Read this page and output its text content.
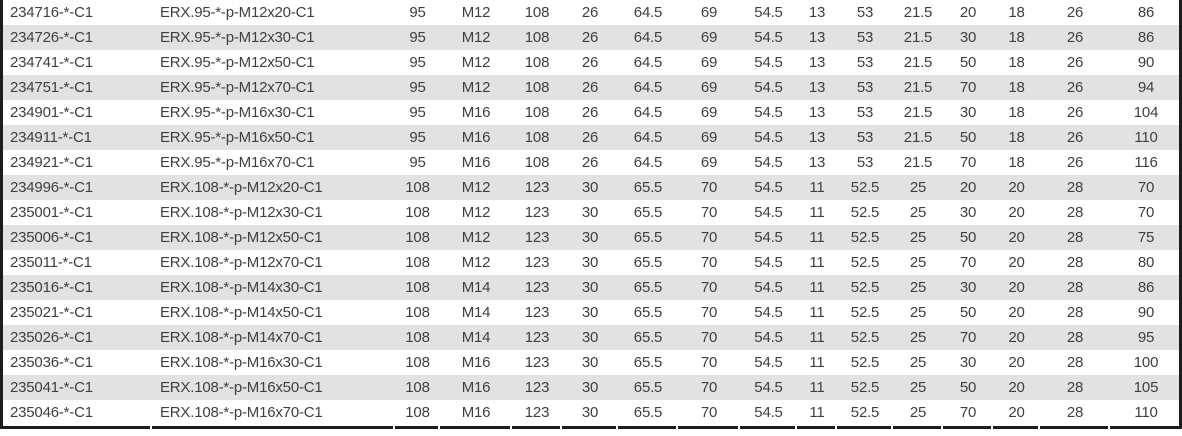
234716-*-C1	ERX.95-*-p-M12x20-C1	95	M12	108	26	64.5	69	54.5	13	53	21.5	20	18	26	86
234726-*-C1	ERX.95-*-p-M12x30-C1	95	M12	108	26	64.5	69	54.5	13	53	21.5	30	18	26	86
234741-*-C1	ERX.95-*-p-M12x50-C1	95	M12	108	26	64.5	69	54.5	13	53	21.5	50	18	26	90
234751-*-C1	ERX.95-*-p-M12x70-C1	95	M12	108	26	64.5	69	54.5	13	53	21.5	70	18	26	94
234901-*-C1	ERX.95-*-p-M16x30-C1	95	M16	108	26	64.5	69	54.5	13	53	21.5	30	18	26	104
234911-*-C1	ERX.95-*-p-M16x50-C1	95	M16	108	26	64.5	69	54.5	13	53	21.5	50	18	26	110
234921-*-C1	ERX.95-*-p-M16x70-C1	95	M16	108	26	64.5	69	54.5	13	53	21.5	70	18	26	116
234996-*-C1	ERX.108-*-p-M12x20-C1	108	M12	123	30	65.5	70	54.5	11	52.5	25	20	20	28	70
235001-*-C1	ERX.108-*-p-M12x30-C1	108	M12	123	30	65.5	70	54.5	11	52.5	25	30	20	28	70
235006-*-C1	ERX.108-*-p-M12x50-C1	108	M12	123	30	65.5	70	54.5	11	52.5	25	50	20	28	75
235011-*-C1	ERX.108-*-p-M12x70-C1	108	M12	123	30	65.5	70	54.5	11	52.5	25	70	20	28	80
235016-*-C1	ERX.108-*-p-M14x30-C1	108	M14	123	30	65.5	70	54.5	11	52.5	25	30	20	28	86
235021-*-C1	ERX.108-*-p-M14x50-C1	108	M14	123	30	65.5	70	54.5	11	52.5	25	50	20	28	90
235026-*-C1	ERX.108-*-p-M14x70-C1	108	M14	123	30	65.5	70	54.5	11	52.5	25	70	20	28	95
235036-*-C1	ERX.108-*-p-M16x30-C1	108	M16	123	30	65.5	70	54.5	11	52.5	25	30	20	28	100
235041-*-C1	ERX.108-*-p-M16x50-C1	108	M16	123	30	65.5	70	54.5	11	52.5	25	50	20	28	105
235046-*-C1	ERX.108-*-p-M16x70-C1	108	M16	123	30	65.5	70	54.5	11	52.5	25	70	20	28	110
